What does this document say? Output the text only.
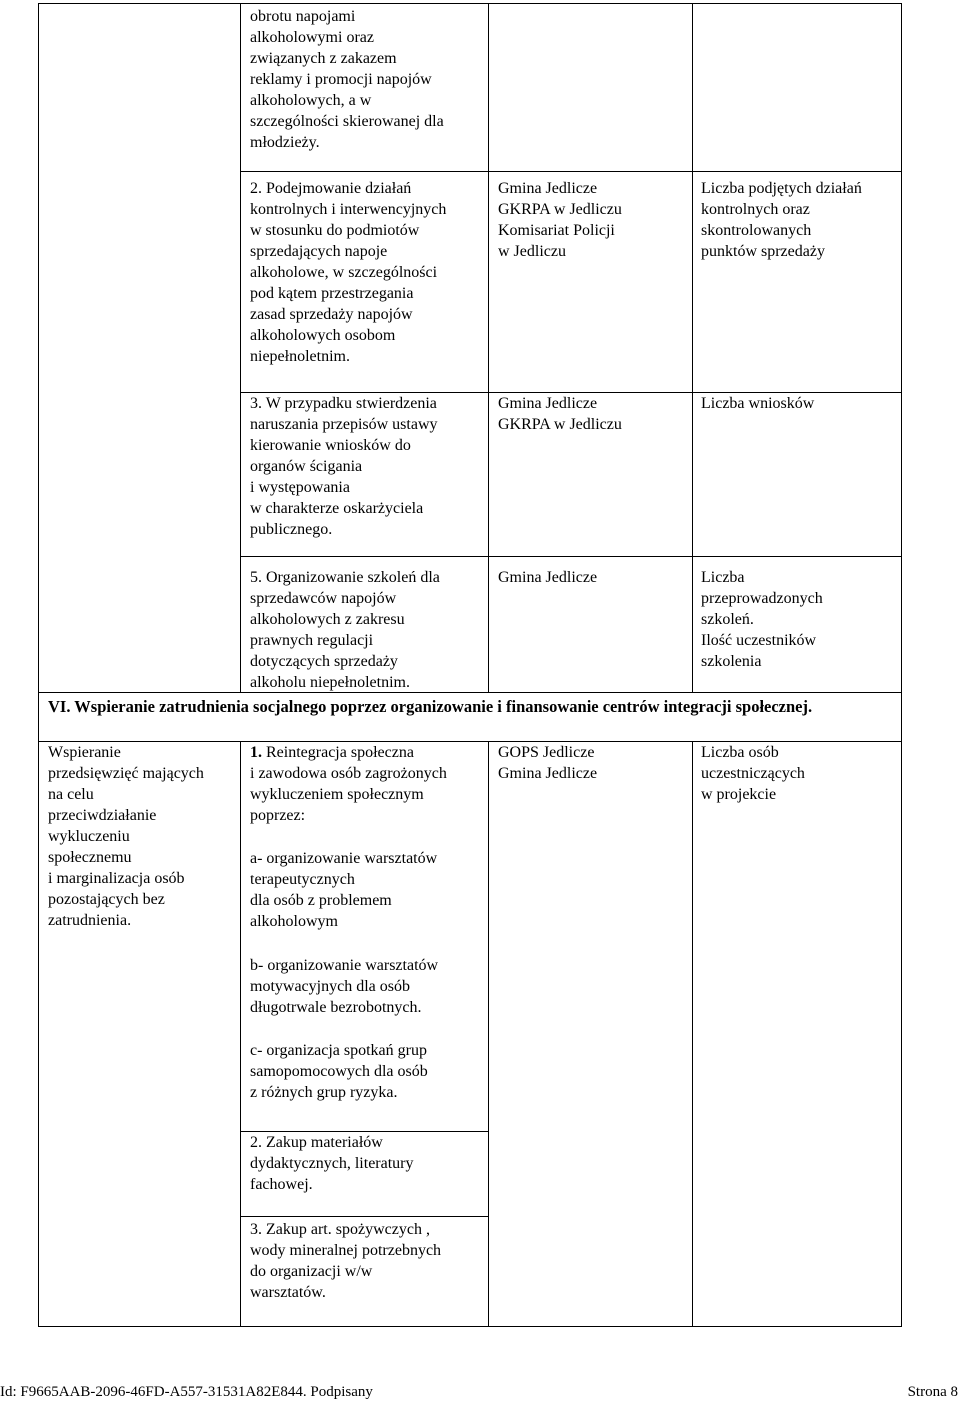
obrotu napojami
alkoholowymi oraz
związanych z zakazem
reklamy i promocji napojów
alkoholowych, a w
szczególności skierowanej dla
młodzieży.
2. Podejmowanie działań
kontrolnych i interwencyjnych
w stosunku do podmiotów
sprzedających napoje
alkoholowe, w szczególności
pod kątem przestrzegania
zasad sprzedaży napojów
alkoholowych osobom
niepełnoletnim.
Gmina Jedlicze
GKRPA w Jedliczu
Komisariat Policji
w Jedliczu
Liczba podjętych działań
kontrolnych oraz
skontrolowanych
punktów sprzedaży
3. W przypadku stwierdzenia
naruszania przepisów ustawy
kierowanie wniosków do
organów ścigania
i występowania
w charakterze oskarżyciela
publicznego.
Gmina Jedlicze
GKRPA w Jedliczu
Liczba wniosków
5. Organizowanie szkoleń dla
sprzedawców napojów
alkoholowych z zakresu
prawnych regulacji
dotyczących sprzedaży
alkoholu niepełnoletnim.
Gmina Jedlicze	Liczba
przeprowadzonych
szkoleń.
Ilość uczestników
szkolenia
VI. Wspieranie zatrudnienia socjalnego poprzez organizowanie i finansowanie centrów integracji społecznej.
Wspieranie
przedsięwzięć mających
na celu
przeciwdziałanie
wykluczeniu
społecznemu
i marginalizacja osób
pozostających bez
zatrudnienia.
1. Reintegracja społeczna
i zawodowa osób zagrożonych
wykluczeniem społecznym
poprzez:
a- organizowanie warsztatów
terapeutycznych
dla osób z problemem
alkoholowym
b- organizowanie warsztatów
motywacyjnych dla osób
długotrwale bezrobotnych.
c- organizacja spotkań grup
samopomocowych dla osób
z różnych grup ryzyka.
2. Zakup materiałów
dydaktycznych, literatury
fachowej.
3. Zakup art. spożywczych ,
wody mineralnej potrzebnych
do organizacji w/w
warsztatów.
GOPS Jedlicze
Gmina Jedlicze
Liczba osób
uczestniczących
w projekcie
Id: F9665AAB-2096-46FD-A557-31531A82E844. Podpisany	Strona 8
